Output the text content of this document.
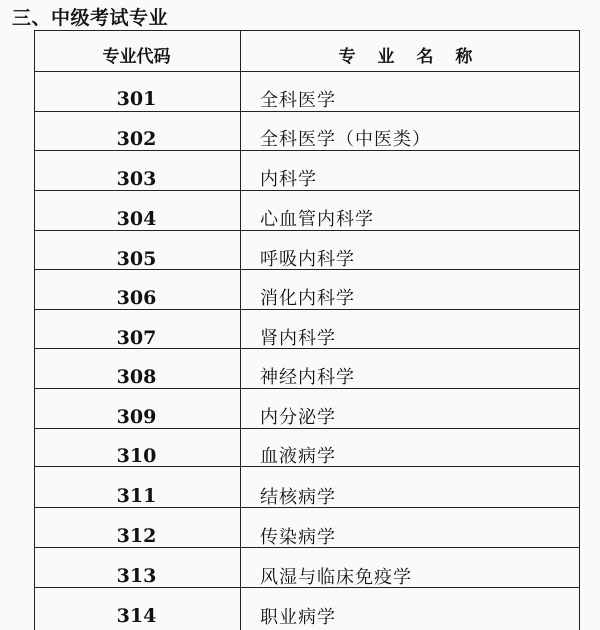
三、中级考试专业
专业代码	专 业 名 称
301	全科医学
302	全科医学（中医类）
303	内科学
304	心血管内科学
305	呼吸内科学
306	消化内科学
307	肾内科学
308	神经内科学
309	内分泌学
310	血液病学
311	结核病学
312	传染病学
313	风湿与临床免疫学
314	职业病学
